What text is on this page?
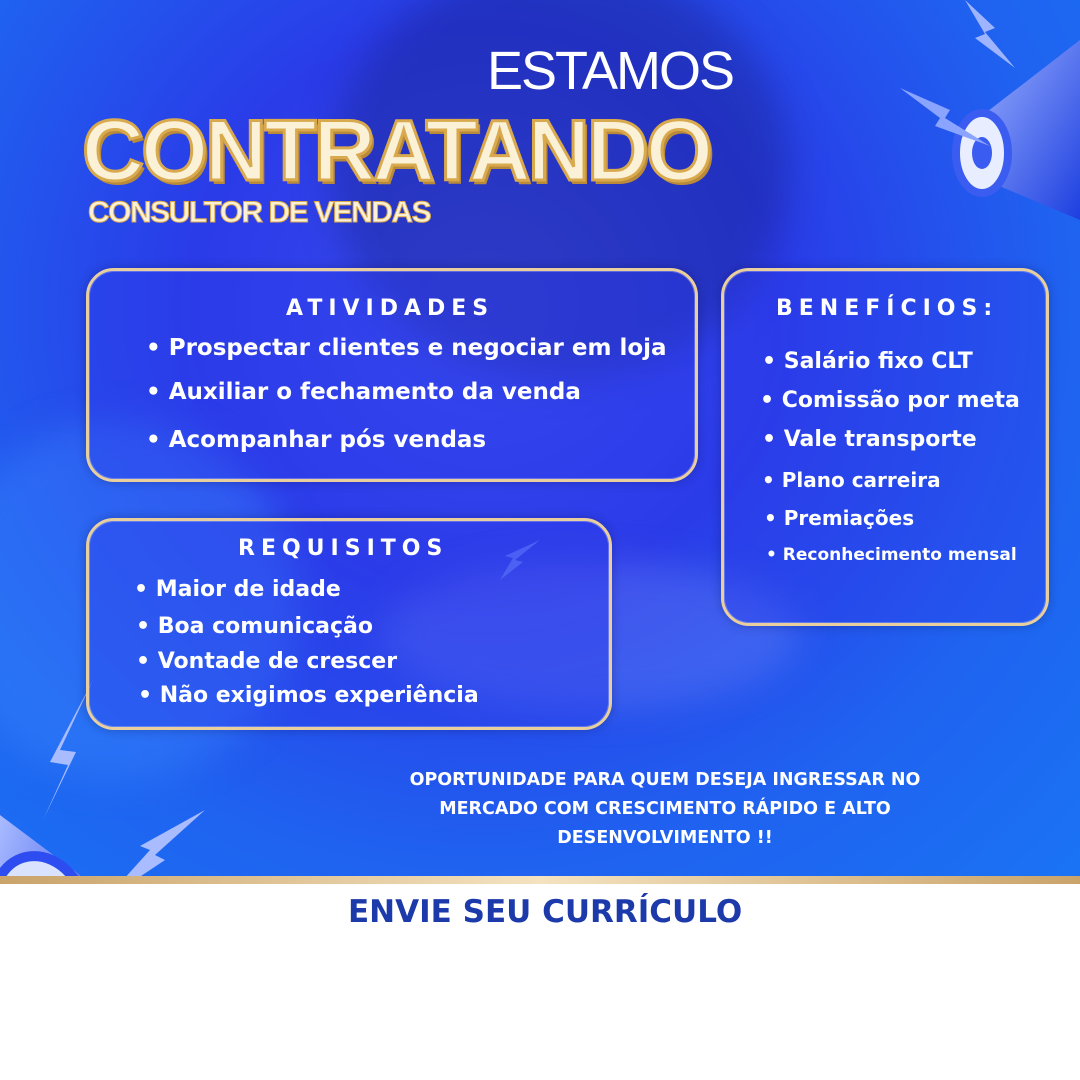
ESTAMOS
CONTRATANDO
CONSULTOR DE VENDAS
ATIVIDADES
• Prospectar clientes e negociar em loja
• Auxiliar o fechamento da venda
• Acompanhar pós vendas
BENEFÍCIOS:
• Salário fixo CLT
• Comissão por meta
• Vale transporte
• Plano carreira
• Premiações
• Reconhecimento mensal
REQUISITOS
• Maior de idade
• Boa comunicação
• Vontade de crescer
• Não exigimos experiência
OPORTUNIDADE PARA QUEM DESEJA INGRESSAR NO
MERCADO COM CRESCIMENTO RÁPIDO E ALTO
DESENVOLVIMENTO !!
ENVIE SEU CURRÍCULO
